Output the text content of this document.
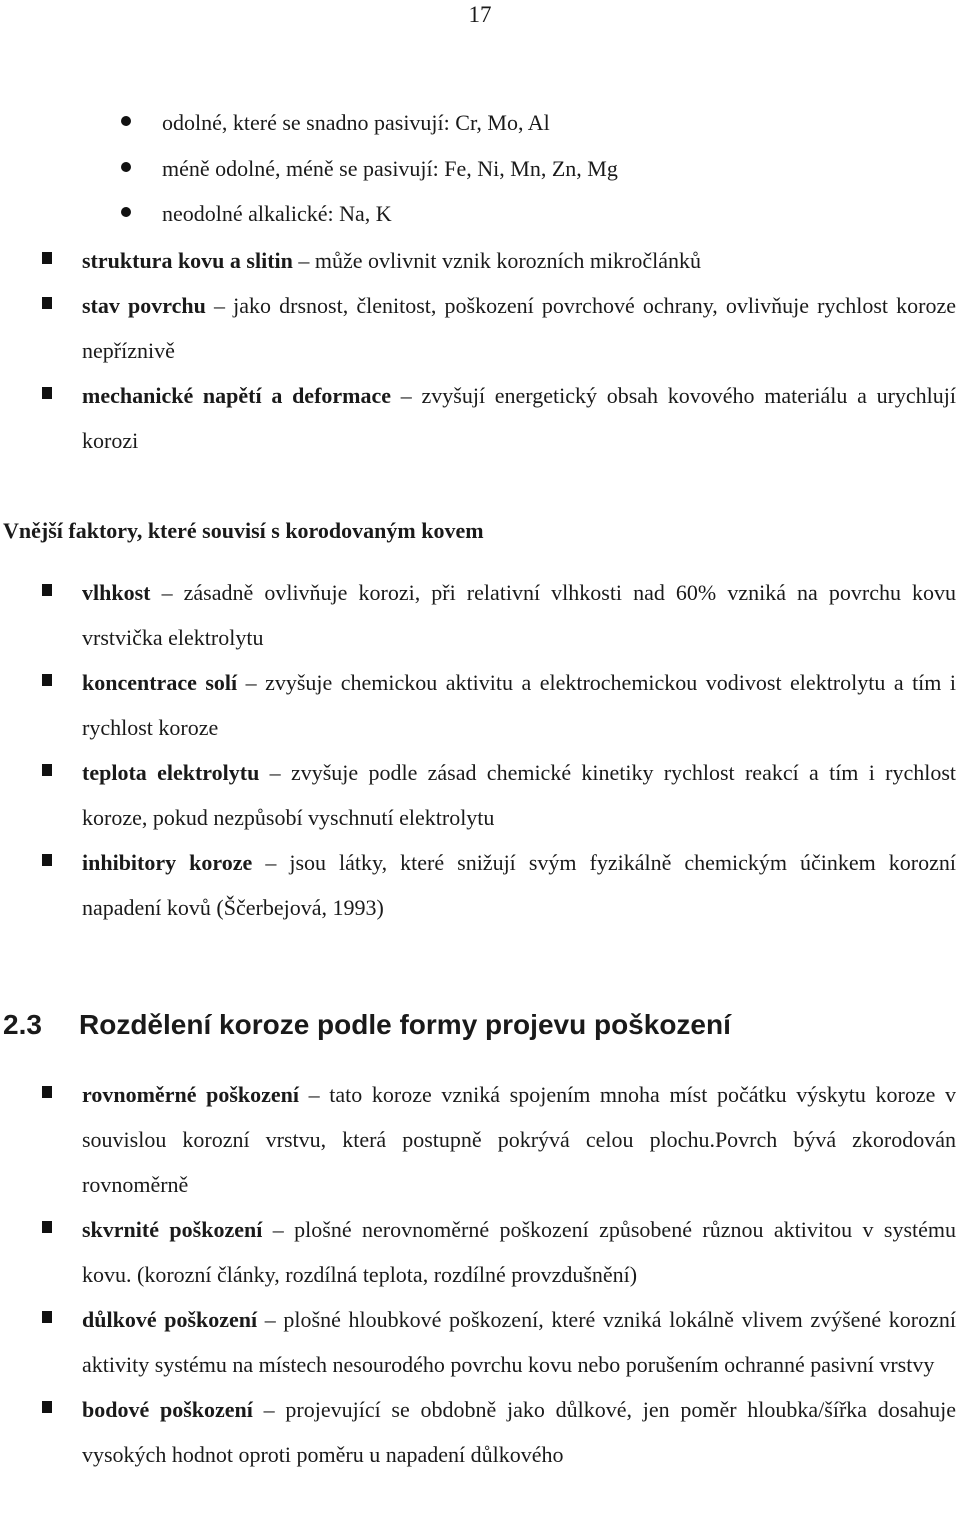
17
odolné, které se snadno pasivují: Cr, Mo, Al
méně odolné, méně se pasivují: Fe, Ni, Mn, Zn, Mg
neodolné alkalické: Na, K
struktura kovu a slitin – může ovlivnit vznik korozních mikročlánků
stav povrchu – jako drsnost, členitost, poškození povrchové ochrany, ovlivňuje rychlost koroze nepříznivě
mechanické napětí a deformace – zvyšují energetický obsah kovového materiálu a urychlují korozi
Vnější faktory, které souvisí s korodovaným kovem
vlhkost – zásadně ovlivňuje korozi, při relativní vlhkosti nad 60% vzniká na povrchu kovu vrstvička elektrolytu
koncentrace solí – zvyšuje chemickou aktivitu a elektrochemickou vodivost elektrolytu a tím i rychlost koroze
teplota elektrolytu – zvyšuje podle zásad chemické kinetiky rychlost reakcí a tím i rychlost koroze, pokud nezpůsobí vyschnutí elektrolytu
inhibitory koroze – jsou látky, které snižují svým fyzikálně chemickým účinkem korozní napadení kovů (Ščerbejová, 1993)
2.3 Rozdělení koroze podle formy projevu poškození
rovnoměrné poškození – tato koroze vzniká spojením mnoha míst počátku výskytu koroze v souvislou korozní vrstvu, která postupně pokrývá celou plochu.Povrch bývá zkorodován rovnoměrně
skvrnité poškození – plošné nerovnoměrné poškození způsobené různou aktivitou v systému kovu. (korozní články, rozdílná teplota, rozdílné provzdušnění)
důlkové poškození – plošné hloubkové poškození, které vzniká lokálně vlivem zvýšené korozní aktivity systému na místech nesourodého povrchu kovu nebo porušením ochranné pasivní vrstvy
bodové poškození – projevující se obdobně jako důlkové, jen poměr hloubka/šířka dosahuje vysokých hodnot oproti poměru u napadení důlkového
